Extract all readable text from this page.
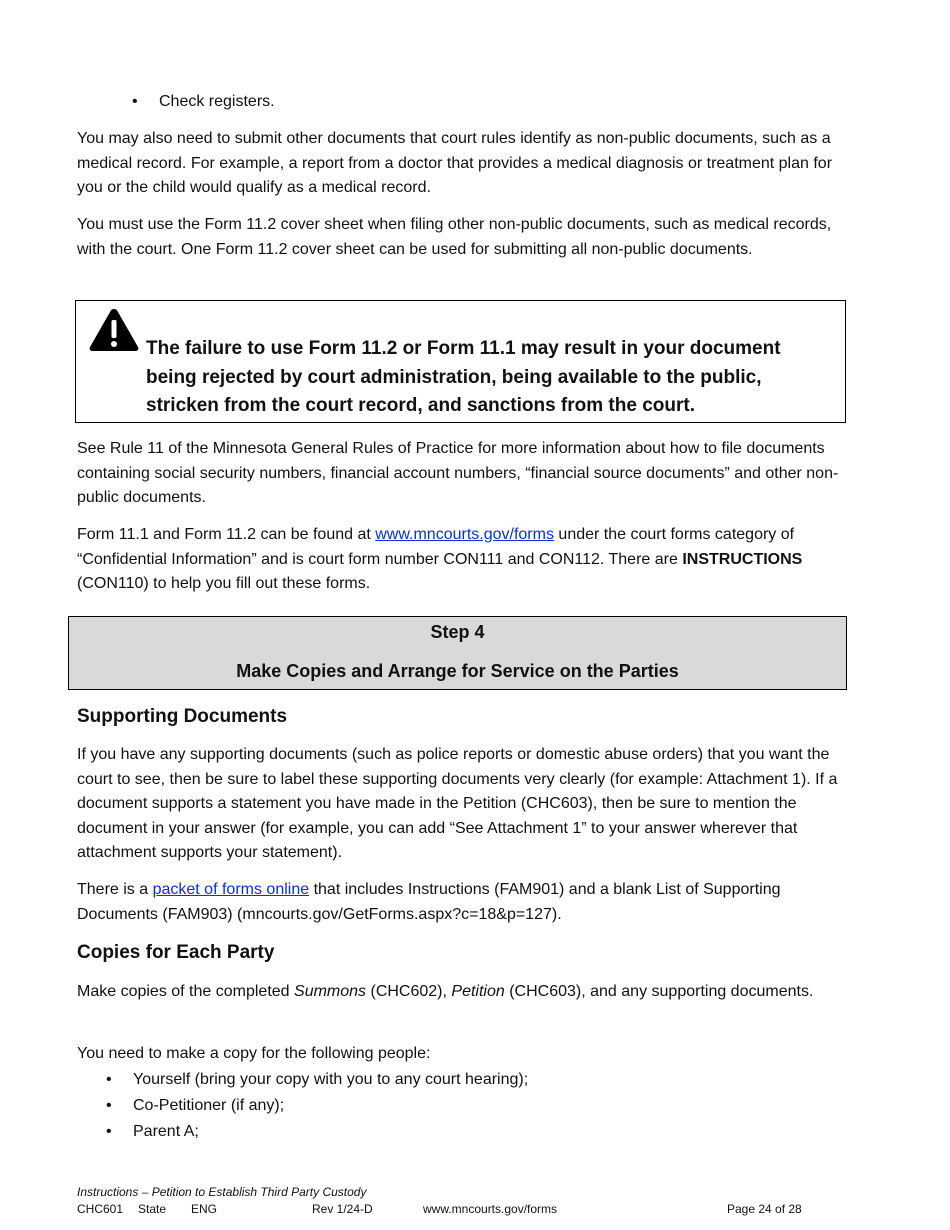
• Check registers.

You may also need to submit other documents that court rules identify as non-public documents, such as a medical record. For example, a report from a doctor that provides a medical diagnosis or treatment plan for you or the child would qualify as a medical record.

You must use the Form 11.2 cover sheet when filing other non-public documents, such as medical records, with the court. One Form 11.2 cover sheet can be used for submitting all non-public documents.

The failure to use Form 11.2 or Form 11.1 may result in your document being rejected by court administration, being available to the public, stricken from the court record, and sanctions from the court.

See Rule 11 of the Minnesota General Rules of Practice for more information about how to file documents containing social security numbers, financial account numbers, “financial source documents” and other non-public documents.

Form 11.1 and Form 11.2 can be found at www.mncourts.gov/forms under the court forms category of “Confidential Information” and is court form number CON111 and CON112. There are INSTRUCTIONS (CON110) to help you fill out these forms.

Step 4
Make Copies and Arrange for Service on the Parties
Supporting Documents

If you have any supporting documents (such as police reports or domestic abuse orders) that you want the court to see, then be sure to label these supporting documents very clearly (for example: Attachment 1). If a document supports a statement you have made in the Petition (CHC603), then be sure to mention the document in your answer (for example, you can add “See Attachment 1” to your answer wherever that attachment supports your statement).

There is a packet of forms online that includes Instructions (FAM901) and a blank List of Supporting Documents (FAM903) (mncourts.gov/GetForms.aspx?c=18&p=127).

Copies for Each Party

Make copies of the completed Summons (CHC602), Petition (CHC603), and any supporting documents.

You need to make a copy for the following people:

• Yourself (bring your copy with you to any court hearing);
• Co-Petitioner (if any);
• Parent A;
Instructions – Petition to Establish Third Party Custody
CHC601 State ENG	Rev 1/24-D	www.mncourts.gov/forms	Page 24 of 28
